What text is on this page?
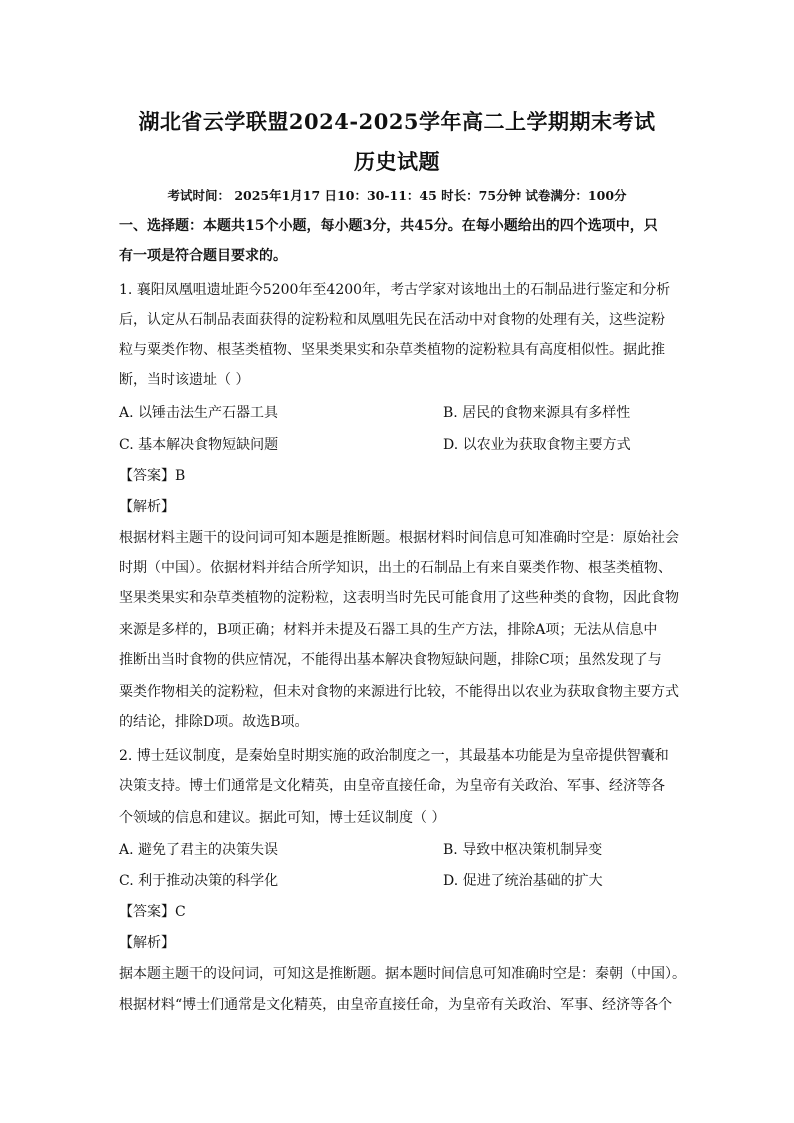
湖北省云学联盟2024-2025学年高二上学期期末考试
历史试题
考试时间： 2025年1月17 日10：30-11：45 时长：75分钟 试卷满分：100分
一、选择题：本题共15个小题，每小题3分，共45分。在每小题给出的四个选项中，只
有一项是符合题目要求的。
1. 襄阳凤凰咀遗址距今5200年至4200年，考古学家对该地出土的石制品进行鉴定和分析
后，认定从石制品表面获得的淀粉粒和凤凰咀先民在活动中对食物的处理有关，这些淀粉
粒与粟类作物、根茎类植物、坚果类果实和杂草类植物的淀粉粒具有高度相似性。据此推
断，当时该遗址（ ）
A. 以锤击法生产石器工具	B. 居民的食物来源具有多样性
C. 基本解决食物短缺问题	D. 以农业为获取食物主要方式
【答案】B
【解析】
根据材料主题干的设问词可知本题是推断题。根据材料时间信息可知准确时空是：原始社会
时期（中国）。依据材料并结合所学知识，出土的石制品上有来自粟类作物、根茎类植物、
坚果类果实和杂草类植物的淀粉粒，这表明当时先民可能食用了这些种类的食物，因此食物
来源是多样的，B项正确；材料并未提及石器工具的生产方法，排除A项；无法从信息中
推断出当时食物的供应情况，不能得出基本解决食物短缺问题，排除C项；虽然发现了与
粟类作物相关的淀粉粒，但未对食物的来源进行比较，不能得出以农业为获取食物主要方式
的结论，排除D项。故选B项。
2. 博士廷议制度，是秦始皇时期实施的政治制度之一，其最基本功能是为皇帝提供智囊和
决策支持。博士们通常是文化精英，由皇帝直接任命，为皇帝有关政治、军事、经济等各
个领域的信息和建议。据此可知，博士廷议制度（ ）
A. 避免了君主的决策失误	B. 导致中枢决策机制异变
C. 利于推动决策的科学化	D. 促进了统治基础的扩大
【答案】C
【解析】
据本题主题干的设问词，可知这是推断题。据本题时间信息可知准确时空是：秦朝（中国）。
根据材料“博士们通常是文化精英，由皇帝直接任命，为皇帝有关政治、军事、经济等各个
